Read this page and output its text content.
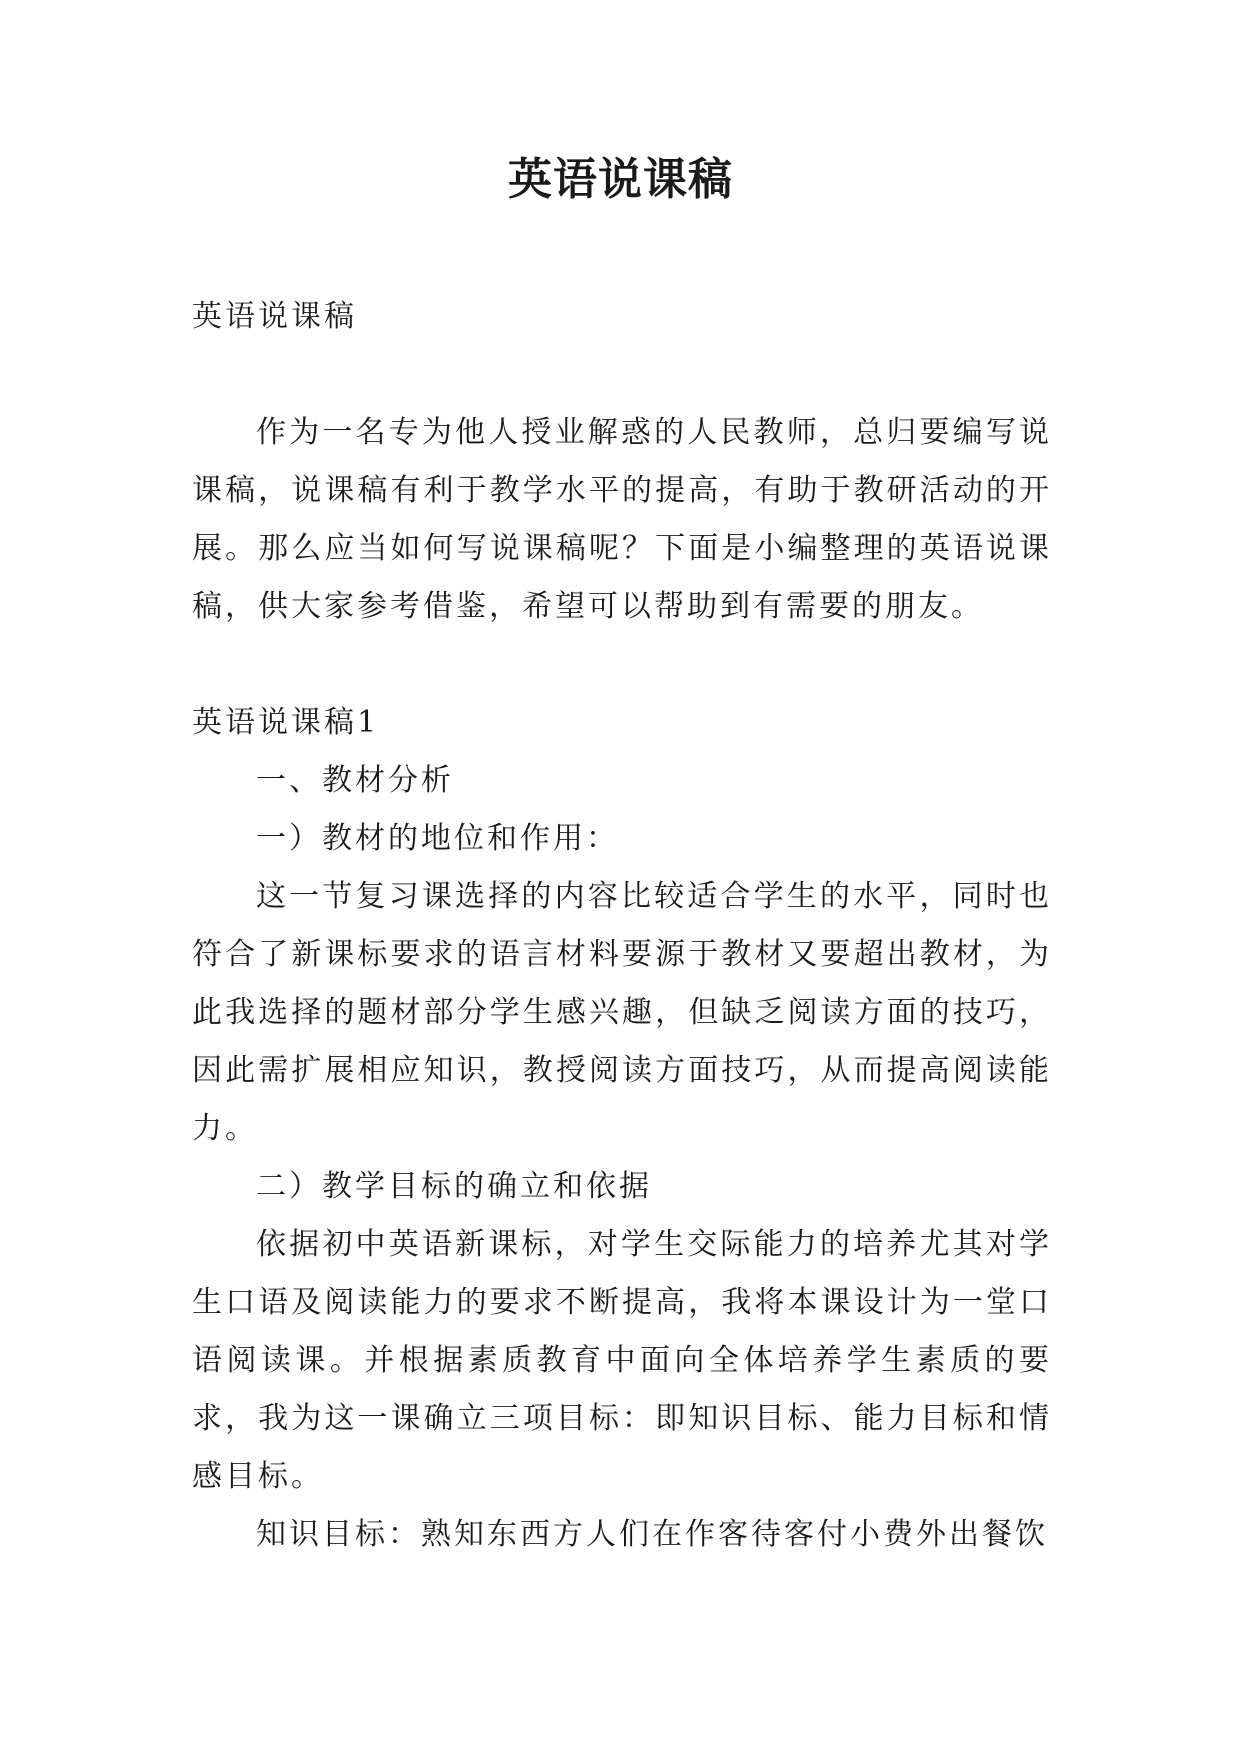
英语说课稿

英语说课稿

作为一名专为他人授业解惑的人民教师，总归要编写说课稿，说课稿有利于教学水平的提高，有助于教研活动的开展。那么应当如何写说课稿呢？下面是小编整理的英语说课稿，供大家参考借鉴，希望可以帮助到有需要的朋友。

英语说课稿1

一、教材分析

一）教材的地位和作用：

这一节复习课选择的内容比较适合学生的水平，同时也符合了新课标要求的语言材料要源于教材又要超出教材，为此我选择的题材部分学生感兴趣，但缺乏阅读方面的技巧，因此需扩展相应知识，教授阅读方面技巧，从而提高阅读能力。

二）教学目标的确立和依据

依据初中英语新课标，对学生交际能力的培养尤其对学生口语及阅读能力的要求不断提高，我将本课设计为一堂口语阅读课。并根据素质教育中面向全体培养学生素质的要求，我为这一课确立三项目标：即知识目标、能力目标和情感目标。

知识目标：熟知东西方人们在作客待客付小费外出餐饮
